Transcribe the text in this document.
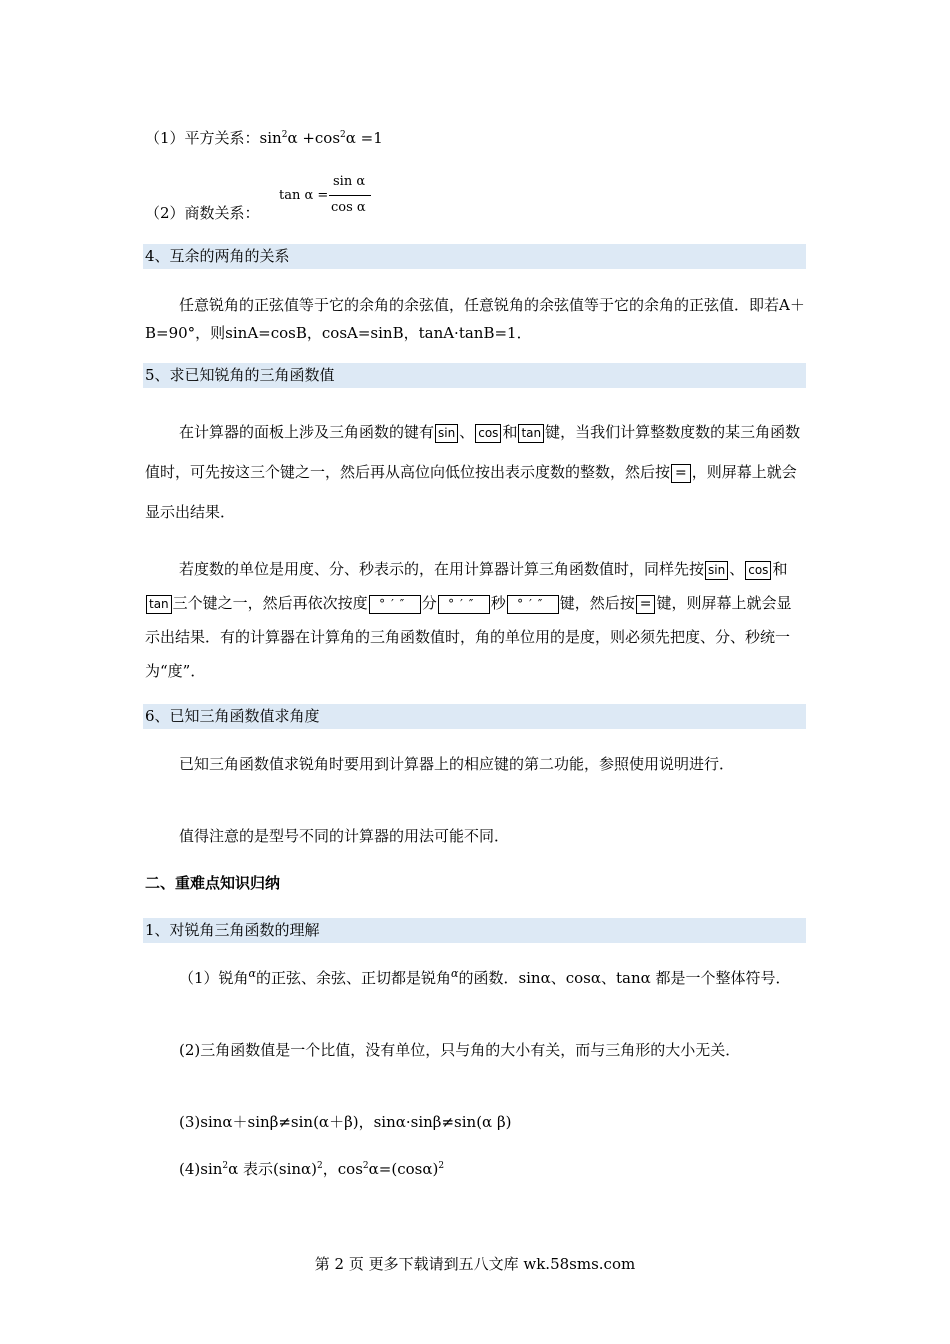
（1）平方关系：$\sin^2\alpha +\cos^2\alpha =1$
（2）商数关系：
tan α =
sin α
cos α
4、互余的两角的关系
任意锐角的正弦值等于它的余角的余弦值，任意锐角的余弦值等于它的余角的正弦值．即若A＋B=90°，则sinA=cosB，cosA=sinB，tanA·tanB=1．
5、求已知锐角的三角函数值
在计算器的面板上涉及三角函数的键有 sin 、 cos 和 tan 键，当我们计算整数度数的某三角函数值时，可先按这三个键之一，然后再从高位向低位按出表示度数的整数，然后按 = ，则屏幕上就会显示出结果．
若度数的单位是用度、分、秒表示的，在用计算器计算三角函数值时，同样先按 sin 、 cos 和tan 三个键之一，然后再依次按度 °′″ 分 °′″ 秒 °′″ 键，然后按 = 键，则屏幕上就会显示出结果．有的计算器在计算角的三角函数值时，角的单位用的是度，则必须先把度、分、秒统一为“度”．
6、已知三角函数值求角度
已知三角函数值求锐角时要用到计算器上的相应键的第二功能，参照使用说明进行．
值得注意的是型号不同的计算器的用法可能不同．
二、重难点知识归纳
1、对锐角三角函数的理解
（1）锐角$^\alpha$的正弦、余弦、正切都是锐角$^\alpha$的函数．sinα、cosα、tanα 都是一个整体符号．
(2)三角函数值是一个比值，没有单位，只与角的大小有关，而与三角形的大小无关．
(3)sinα＋sinβ≠sin(α＋β)，sinα·sinβ≠sin(α β)
$(4)\sin^2\alpha$ 表示$(\sin\alpha)^2$，$\cos^2\alpha=(\cos\alpha)^2$
第 2 页 更多下载请到五八文库 wk.58sms.com
